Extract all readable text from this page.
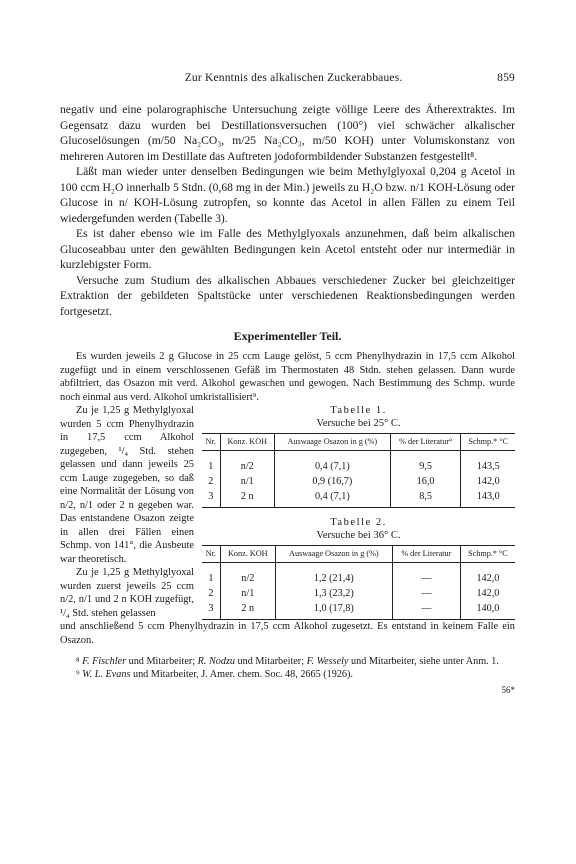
Zur Kenntnis des alkalischen Zuckerabbaues.	859

negativ und eine polarographische Untersuchung zeigte völlige Leere des Ätherextraktes. Im Gegensatz dazu wurden bei Destillationsversuchen (100°) viel schwächer alkalischer Glucoselösungen (m/50 Na₂CO₃, m/25 Na₂CO₃, m/50 KOH) unter Volumskonstanz von mehreren Autoren im Destillate das Auftreten jodoformbildender Substanzen festgestellt⁸.

Läßt man wieder unter denselben Bedingungen wie beim Methylglyoxal 0,204 g Acetol in 100 ccm H₂O innerhalb 5 Stdn. (0,68 mg in der Min.) jeweils zu H₂O bzw. n/1 KOH-Lösung oder Glucose in n/ KOH-Lösung zutropfen, so konnte das Acetol in allen Fällen zu einem Teil wiedergefunden werden (Tabelle 3).

Es ist daher ebenso wie im Falle des Methylglyoxals anzunehmen, daß beim alkalischen Glucoseabbau unter den gewählten Bedingungen kein Acetol entsteht oder nur intermediär in kurzlebigster Form.

Versuche zum Studium des alkalischen Abbaues verschiedener Zucker bei gleichzeitiger Extraktion der gebildeten Spaltstücke unter verschiedenen Reaktionsbedingungen werden fortgesetzt.

Experimenteller Teil.

Es wurden jeweils 2 g Glucose in 25 ccm Lauge gelöst, 5 ccm Phenylhydrazin in 17,5 ccm Alkohol zugefügt und in einem verschlossenen Gefäß im Thermostaten 48 Stdn. stehen gelassen. Dann wurde abfiltriert, das Osazon mit verd. Alkohol gewaschen und gewogen. Nach Bestimmung des Schmp. wurde noch einmal aus verd. Alkohol umkristallisiert⁹.

Zu je 1,25 g Methylglyoxal wurden 5 ccm Phenylhydrazin in 17,5 ccm Alkohol zugegeben, ¹/₄ Std. stehen gelassen und dann jeweils 25 ccm Lauge zugegeben, so daß eine Normalität der Lösung von n/2, n/1 oder 2 n gegeben war. Das entstandene Osazon zeigte in allen drei Fällen einen Schmp. von 141°, die Ausbeute war theoretisch.

Zu je 1,25 g Methylglyoxal wurden zuerst jeweils 25 ccm n/2, n/1 und 2 n KOH zugefügt, ¹/₄ Std. stehen gelassen

Tabelle 1.
Versuche bei 25° C.
Nr.	Konz. KOH	Auswaage Osazon in g (%)	% der Literatur⁹	Schmp.* °C
1	n/2	0,4 (7,1)	9,5	143,5
2	n/1	0,9 (16,7)	16,0	142,0
3	2 n	0,4 (7,1)	8,5	143,0
Tabelle 2.
Versuche bei 36° C.
Nr.	Konz. KOH	Auswaage Osazon in g (%)	% der Literatur	Schmp.* °C
1	n/2	1,2 (21,4)	—	142,0
2	n/1	1,3 (23,2)	—	142,0
3	2 n	1,0 (17,8)	—	140,0

und anschließend 5 ccm Phenylhydrazin in 17,5 ccm Alkohol zugesetzt. Es entstand in keinem Falle ein Osazon.

⁸ F. Fischler und Mitarbeiter; R. Nodzu und Mitarbeiter; F. Wessely und Mitarbeiter, siehe unter Anm. 1.

⁹ W. L. Evans und Mitarbeiter, J. Amer. chem. Soc. 48, 2665 (1926).

56*
